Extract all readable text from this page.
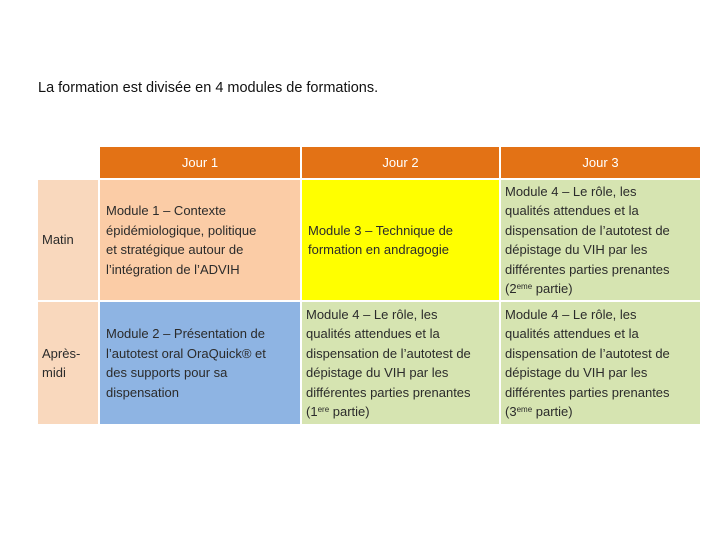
La formation est divisée en 4 modules de formations.
Jour 1	Jour 2	Jour 3
Matin
Après-
midi
Module 1 – Contexte
épidémiologique, politique
et stratégique autour de
l’intégration de l’ADVIH
Module 3 – Technique de
formation en andragogie
Module 4 – Le rôle, les
qualités attendues et la
dispensation de l’autotest de
dépistage du VIH par les
différentes parties prenantes
(2eme partie)
Module 2 – Présentation de
l’autotest oral OraQuick® et
des supports pour sa
dispensation
Module 4 – Le rôle, les
qualités attendues et la
dispensation de l’autotest de
dépistage du VIH par les
différentes parties prenantes
(1ere partie)
Module 4 – Le rôle, les
qualités attendues et la
dispensation de l’autotest de
dépistage du VIH par les
différentes parties prenantes
(3eme partie)
